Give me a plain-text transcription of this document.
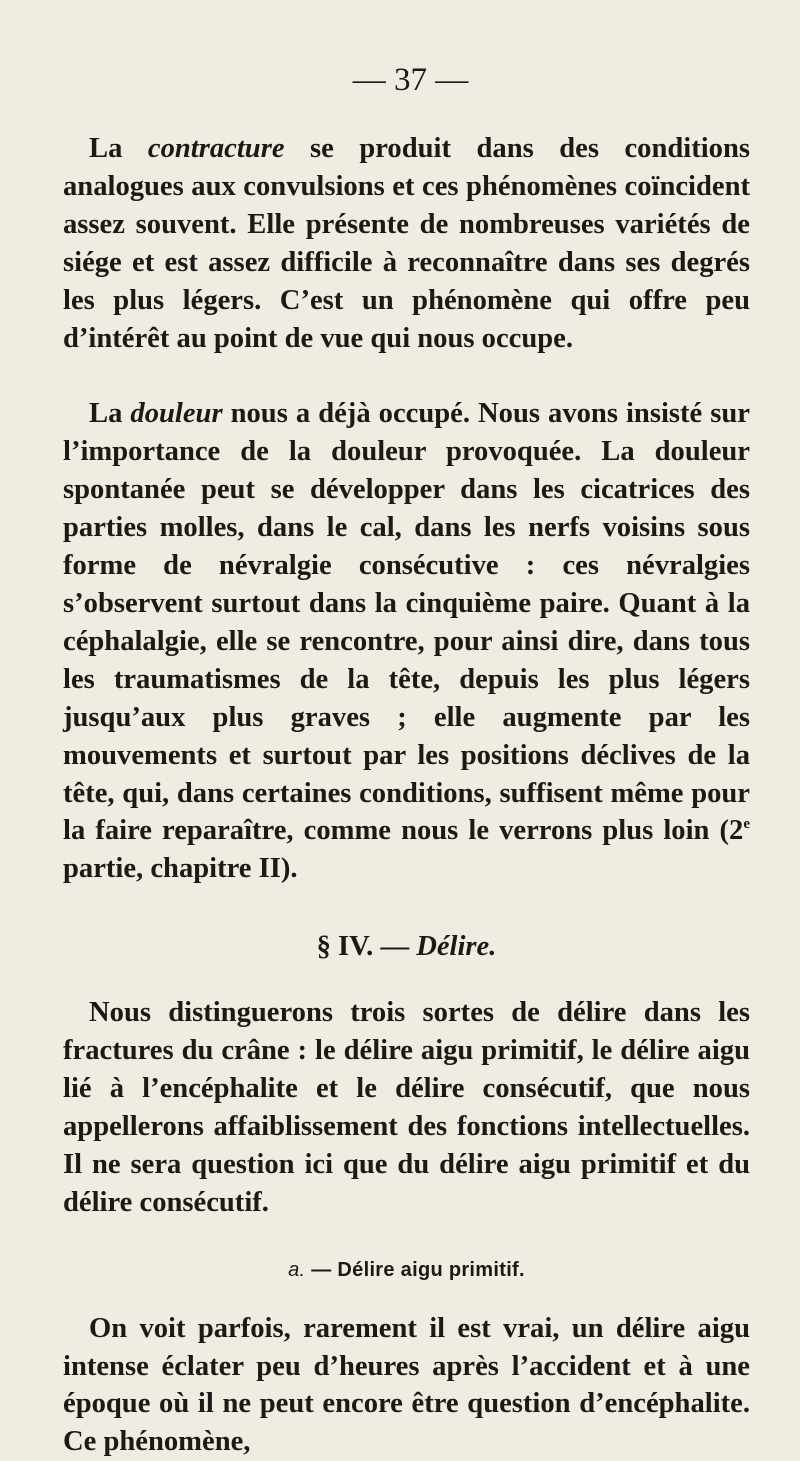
— 37 —

La contracture se produit dans des conditions analogues aux convulsions et ces phénomènes coïncident assez souvent. Elle présente de nombreuses variétés de siége et est assez difficile à reconnaître dans ses degrés les plus légers. C’est un phénomène qui offre peu d’intérêt au point de vue qui nous occupe.

La douleur nous a déjà occupé. Nous avons insisté sur l’importance de la douleur provoquée. La douleur spontanée peut se développer dans les cicatrices des parties molles, dans le cal, dans les nerfs voisins sous forme de névralgie consécutive : ces névralgies s’observent surtout dans la cinquième paire. Quant à la céphalalgie, elle se rencontre, pour ainsi dire, dans tous les traumatismes de la tête, depuis les plus légers jusqu’aux plus graves ; elle augmente par les mouvements et surtout par les positions déclives de la tête, qui, dans certaines conditions, suffisent même pour la faire reparaître, comme nous le verrons plus loin (2e partie, chapitre II).

§ IV. — Délire.

Nous distinguerons trois sortes de délire dans les fractures du crâne : le délire aigu primitif, le délire aigu lié à l’encéphalite et le délire consécutif, que nous appellerons affaiblissement des fonctions intellectuelles. Il ne sera question ici que du délire aigu primitif et du délire consécutif.

a. — Délire aigu primitif.

On voit parfois, rarement il est vrai, un délire aigu intense éclater peu d’heures après l’accident et à une époque où il ne peut encore être question d’encéphalite. Ce phénomène,
